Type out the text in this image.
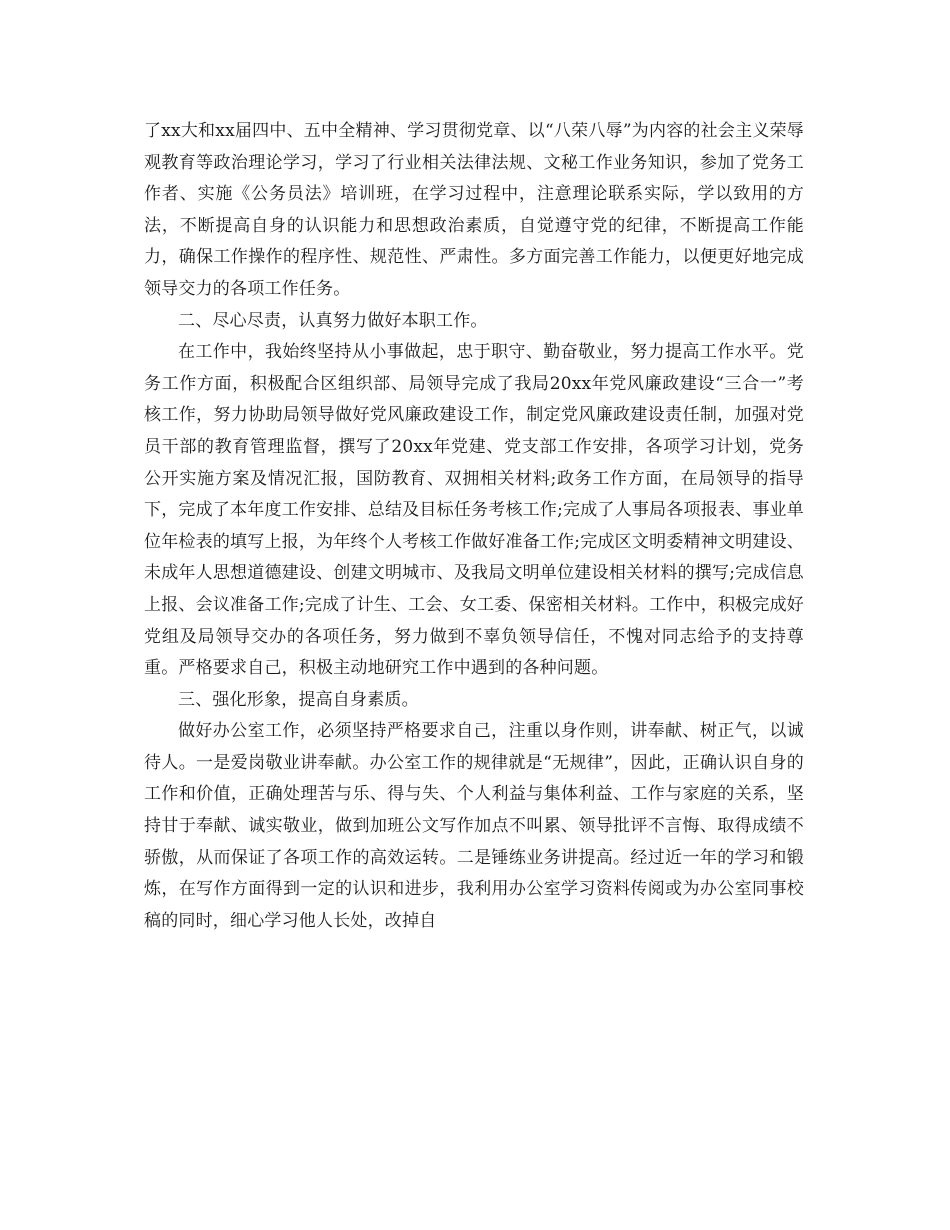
了xx大和xx届四中、五中全精神、学习贯彻党章、以“八荣八辱”为内容的社会主义荣辱观教育等政治理论学习，学习了行业相关法律法规、文秘工作业务知识，参加了党务工作者、实施《公务员法》培训班，在学习过程中，注意理论联系实际，学以致用的方法，不断提高自身的认识能力和思想政治素质，自觉遵守党的纪律，不断提高工作能力，确保工作操作的程序性、规范性、严肃性。多方面完善工作能力，以便更好地完成领导交力的各项工作任务。

二、尽心尽责，认真努力做好本职工作。

在工作中，我始终坚持从小事做起，忠于职守、勤奋敬业，努力提高工作水平。党务工作方面，积极配合区组织部、局领导完成了我局20xx年党风廉政建设“三合一”考核工作，努力协助局领导做好党风廉政建设工作，制定党风廉政建设责任制，加强对党员干部的教育管理监督，撰写了20xx年党建、党支部工作安排，各项学习计划，党务公开实施方案及情况汇报，国防教育、双拥相关材料;政务工作方面，在局领导的指导下，完成了本年度工作安排、总结及目标任务考核工作;完成了人事局各项报表、事业单位年检表的填写上报，为年终个人考核工作做好准备工作;完成区文明委精神文明建设、未成年人思想道德建设、创建文明城市、及我局文明单位建设相关材料的撰写;完成信息上报、会议准备工作;完成了计生、工会、女工委、保密相关材料。工作中，积极完成好党组及局领导交办的各项任务，努力做到不辜负领导信任，不愧对同志给予的支持尊重。严格要求自己，积极主动地研究工作中遇到的各种问题。

三、强化形象，提高自身素质。

做好办公室工作，必须坚持严格要求自己，注重以身作则，讲奉献、树正气，以诚待人。一是爱岗敬业讲奉献。办公室工作的规律就是“无规律”，因此，正确认识自身的工作和价值，正确处理苦与乐、得与失、个人利益与集体利益、工作与家庭的关系，坚持甘于奉献、诚实敬业，做到加班公文写作加点不叫累、领导批评不言悔、取得成绩不骄傲，从而保证了各项工作的高效运转。二是锤练业务讲提高。经过近一年的学习和锻炼，在写作方面得到一定的认识和进步，我利用办公室学习资料传阅或为办公室同事校稿的同时，细心学习他人长处，改掉自
